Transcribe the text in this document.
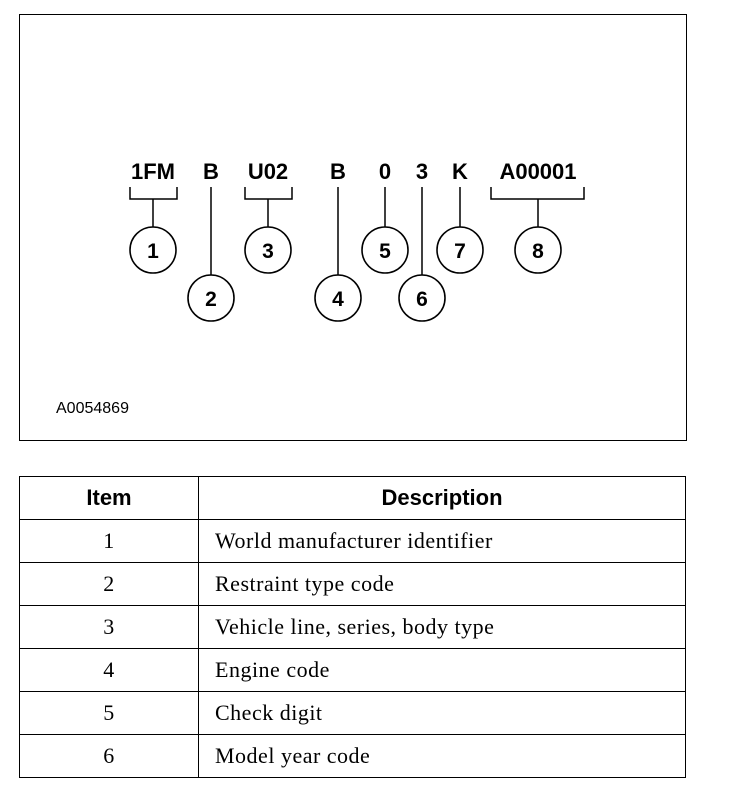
1FM B U02 B 0 3 K A00001
1
2
3
4
5
6
7	8
A0054869
Item	Description
1	World manufacturer identifier
2	Restraint type code
3	Vehicle line, series, body type
4	Engine code
5	Check digit
6	Model year code
